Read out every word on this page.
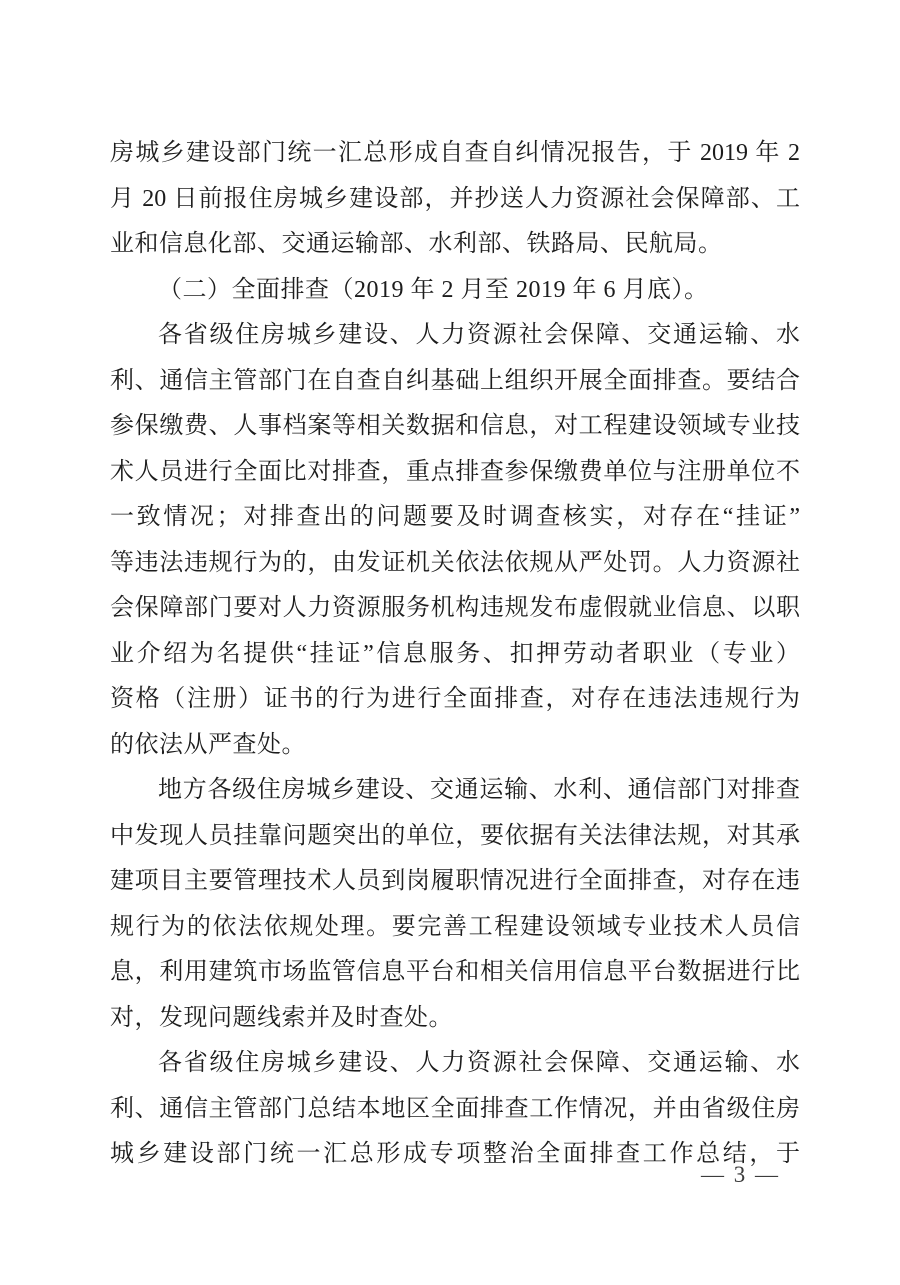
房城乡建设部门统一汇总形成自查自纠情况报告，于 2019 年 2
月 20 日前报住房城乡建设部，并抄送人力资源社会保障部、工
业和信息化部、交通运输部、水利部、铁路局、民航局。
（二）全面排查（2019 年 2 月至 2019 年 6 月底）。
各省级住房城乡建设、人力资源社会保障、交通运输、水
利、通信主管部门在自查自纠基础上组织开展全面排查。要结合
参保缴费、人事档案等相关数据和信息，对工程建设领域专业技
术人员进行全面比对排查，重点排查参保缴费单位与注册单位不
一致情况；对排查出的问题要及时调查核实，对存在“挂证”
等违法违规行为的，由发证机关依法依规从严处罚。人力资源社
会保障部门要对人力资源服务机构违规发布虚假就业信息、以职
业介绍为名提供“挂证”信息服务、扣押劳动者职业（专业）
资格（注册）证书的行为进行全面排查，对存在违法违规行为
的依法从严查处。
地方各级住房城乡建设、交通运输、水利、通信部门对排查
中发现人员挂靠问题突出的单位，要依据有关法律法规，对其承
建项目主要管理技术人员到岗履职情况进行全面排查，对存在违
规行为的依法依规处理。要完善工程建设领域专业技术人员信
息，利用建筑市场监管信息平台和相关信用信息平台数据进行比
对，发现问题线索并及时查处。
各省级住房城乡建设、人力资源社会保障、交通运输、水
利、通信主管部门总结本地区全面排查工作情况，并由省级住房
城乡建设部门统一汇总形成专项整治全面排查工作总结，于
— 3 —
